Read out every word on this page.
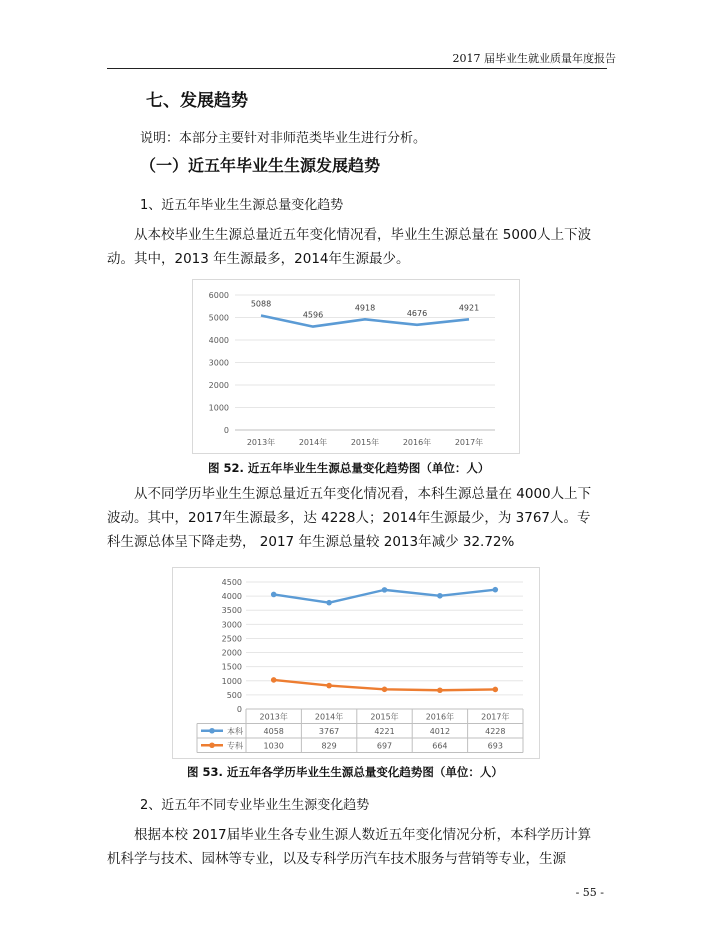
2017 届毕业生就业质量年度报告
七、发展趋势
说明：本部分主要针对非师范类毕业生进行分析。
（一）近五年毕业生生源发展趋势
1、近五年毕业生生源总量变化趋势
从本校毕业生生源总量近五年变化情况看，毕业生生源总量在 5000人上下波动。其中，2013 年生源最多，2014年生源最少。
6000
5000
4000
3000
2000
1000
0
2013年	2014年	2015年	2016年	2017年
5088
4596
4918
4676
4921
图 52. 近五年毕业生生源总量变化趋势图（单位：人）
从不同学历毕业生生源总量近五年变化情况看，本科生源总量在 4000人上下波动。其中，2017年生源最多，达 4228人；2014年生源最少，为 3767人。专科生源总体呈下降走势， 2017 年生源总量较 2013年减少 32.72%
4500
4000
3500
3000
2500
2000
1500
1000
500
0
2013年	2014年	2015年	2016年	2017年
本科	4058	3767	4221	4012	4228
专科	1030	829	697	664	693
图 53. 近五年各学历毕业生生源总量变化趋势图（单位：人）
2、近五年不同专业毕业生生源变化趋势
根据本校 2017届毕业生各专业生源人数近五年变化情况分析，本科学历计算机科学与技术、园林等专业，以及专科学历汽车技术服务与营销等专业，生源
- 55 -
